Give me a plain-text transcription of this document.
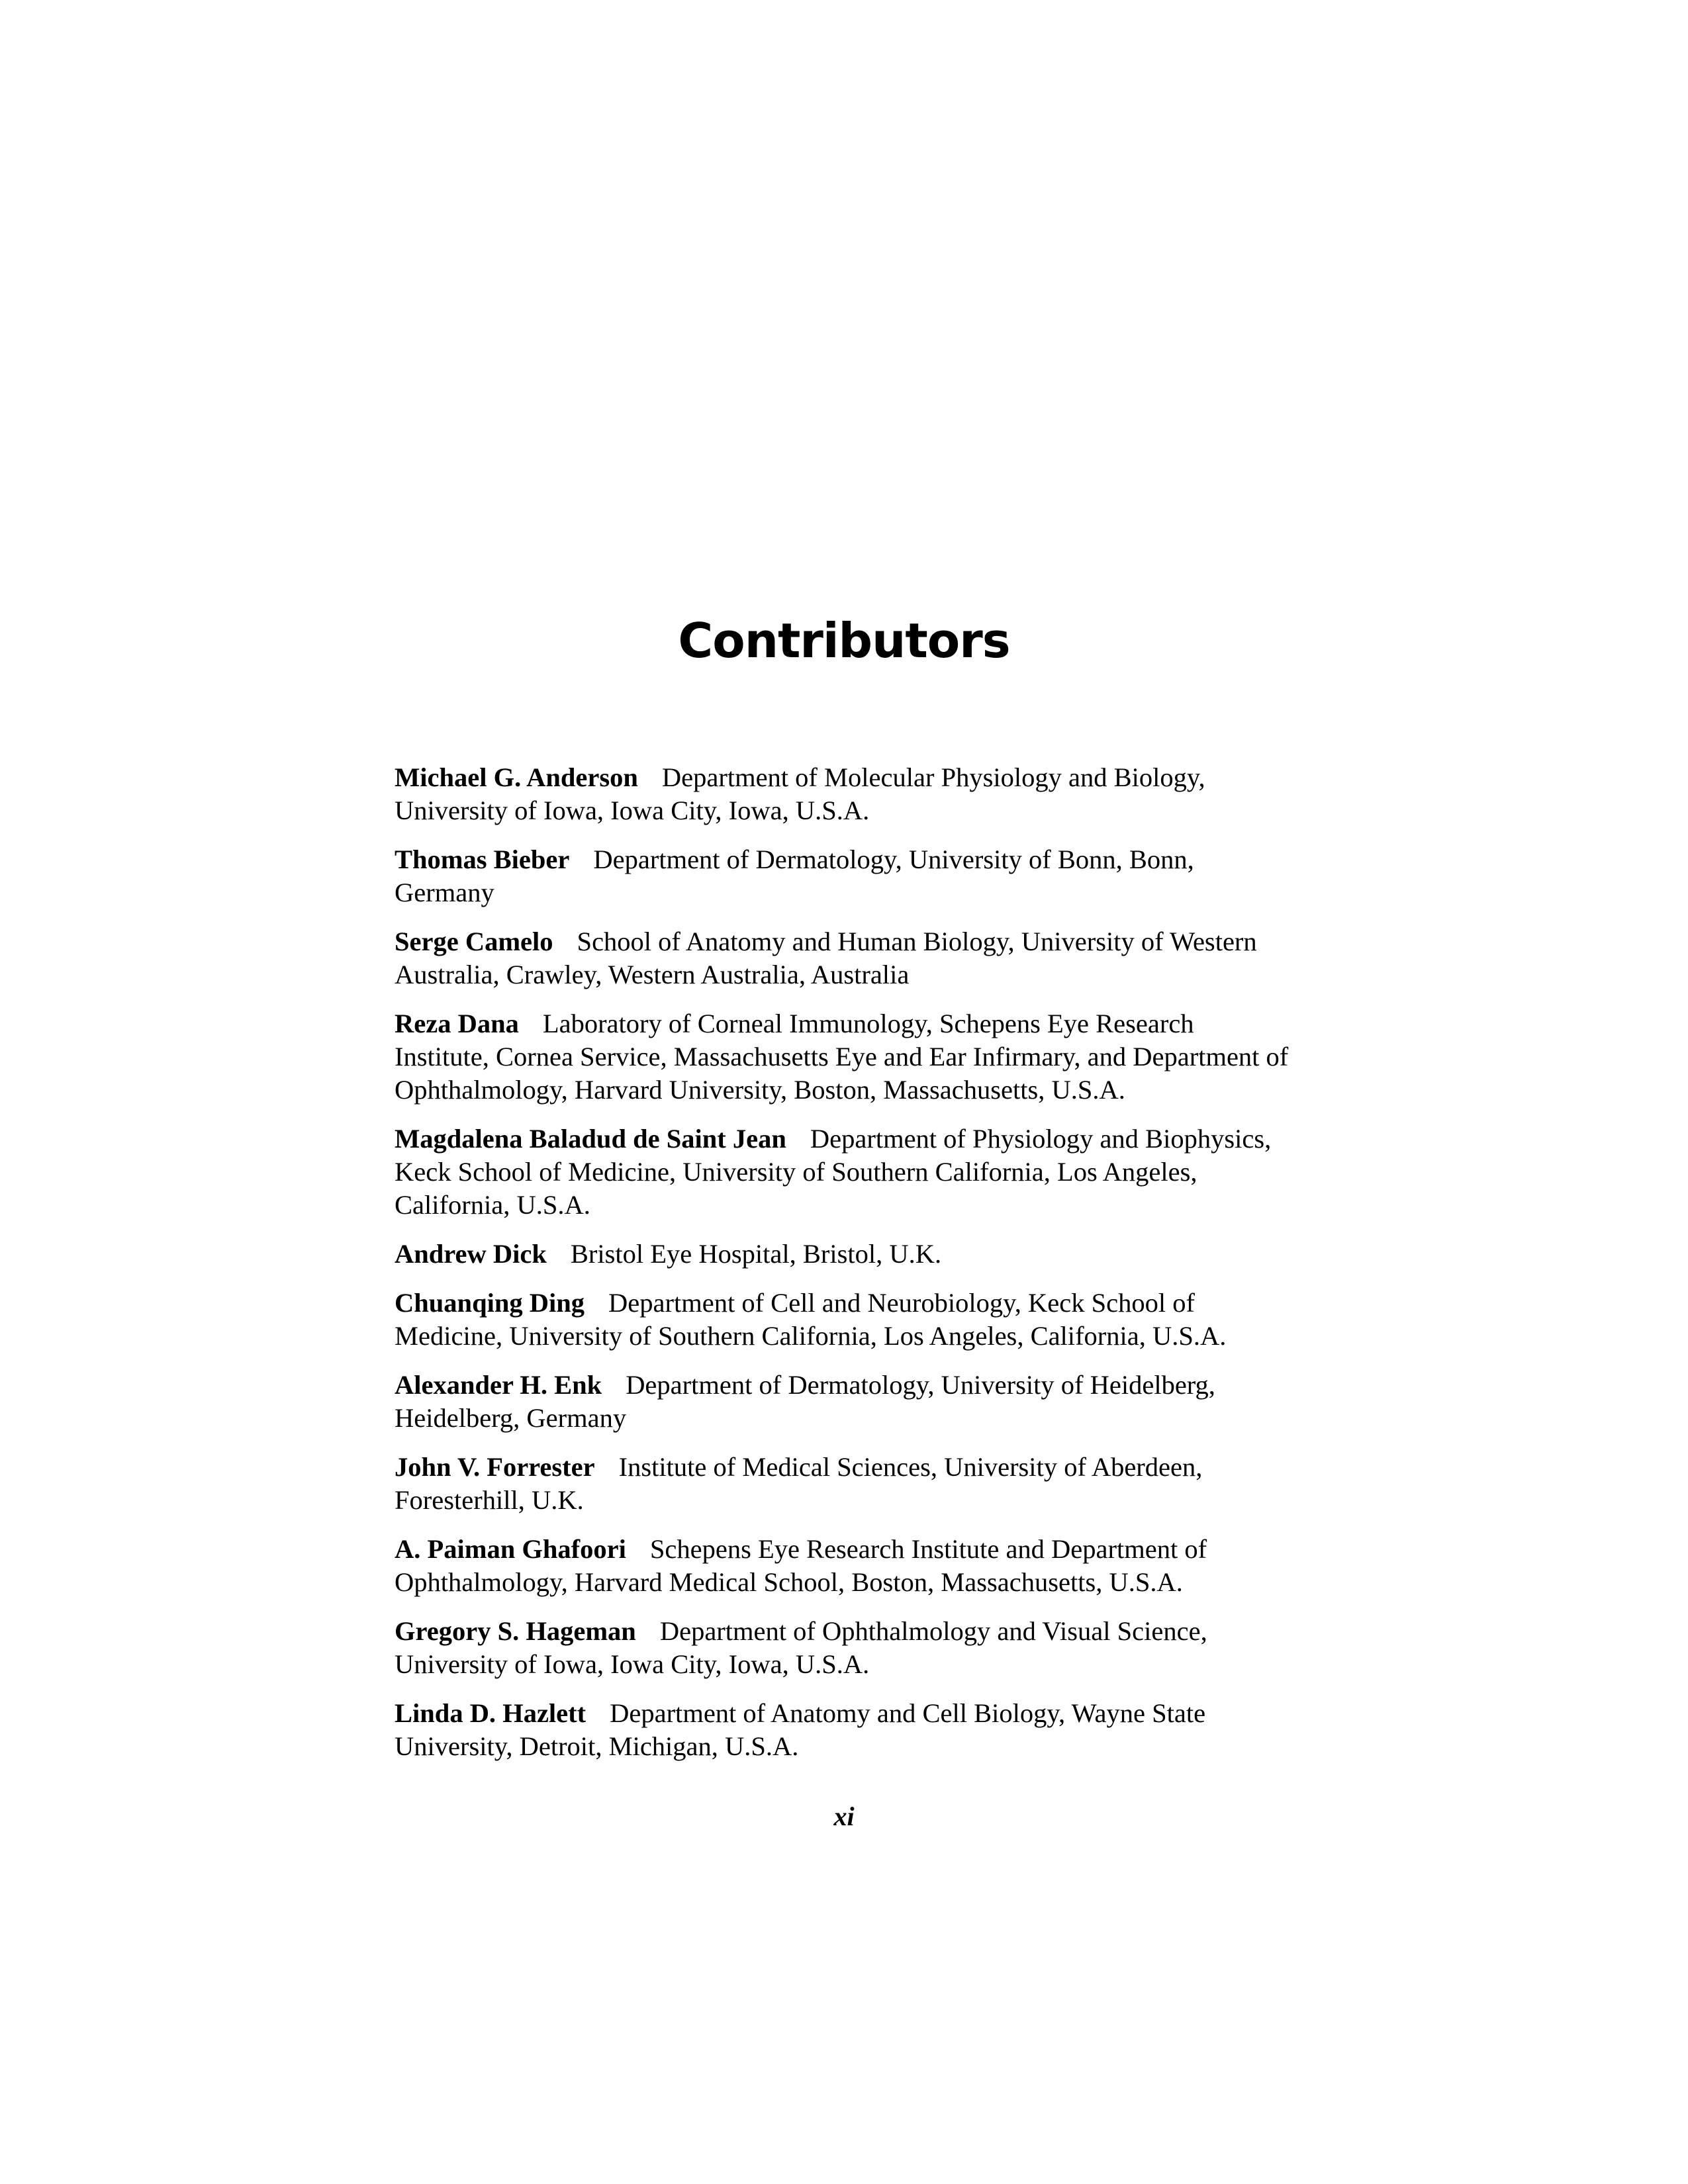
Contributors

Michael G. Anderson Department of Molecular Physiology and Biology, University of Iowa, Iowa City, Iowa, U.S.A.

Thomas Bieber Department of Dermatology, University of Bonn, Bonn, Germany

Serge Camelo School of Anatomy and Human Biology, University of Western Australia, Crawley, Western Australia, Australia

Reza Dana Laboratory of Corneal Immunology, Schepens Eye Research Institute, Cornea Service, Massachusetts Eye and Ear Infirmary, and Department of Ophthalmology, Harvard University, Boston, Massachusetts, U.S.A.

Magdalena Baladud de Saint Jean Department of Physiology and Biophysics, Keck School of Medicine, University of Southern California, Los Angeles, California, U.S.A.

Andrew Dick Bristol Eye Hospital, Bristol, U.K.

Chuanqing Ding Department of Cell and Neurobiology, Keck School of Medicine, University of Southern California, Los Angeles, California, U.S.A.

Alexander H. Enk Department of Dermatology, University of Heidelberg, Heidelberg, Germany

John V. Forrester Institute of Medical Sciences, University of Aberdeen, Foresterhill, U.K.

A. Paiman Ghafoori Schepens Eye Research Institute and Department of Ophthalmology, Harvard Medical School, Boston, Massachusetts, U.S.A.

Gregory S. Hageman Department of Ophthalmology and Visual Science, University of Iowa, Iowa City, Iowa, U.S.A.

Linda D. Hazlett Department of Anatomy and Cell Biology, Wayne State University, Detroit, Michigan, U.S.A.

xi
